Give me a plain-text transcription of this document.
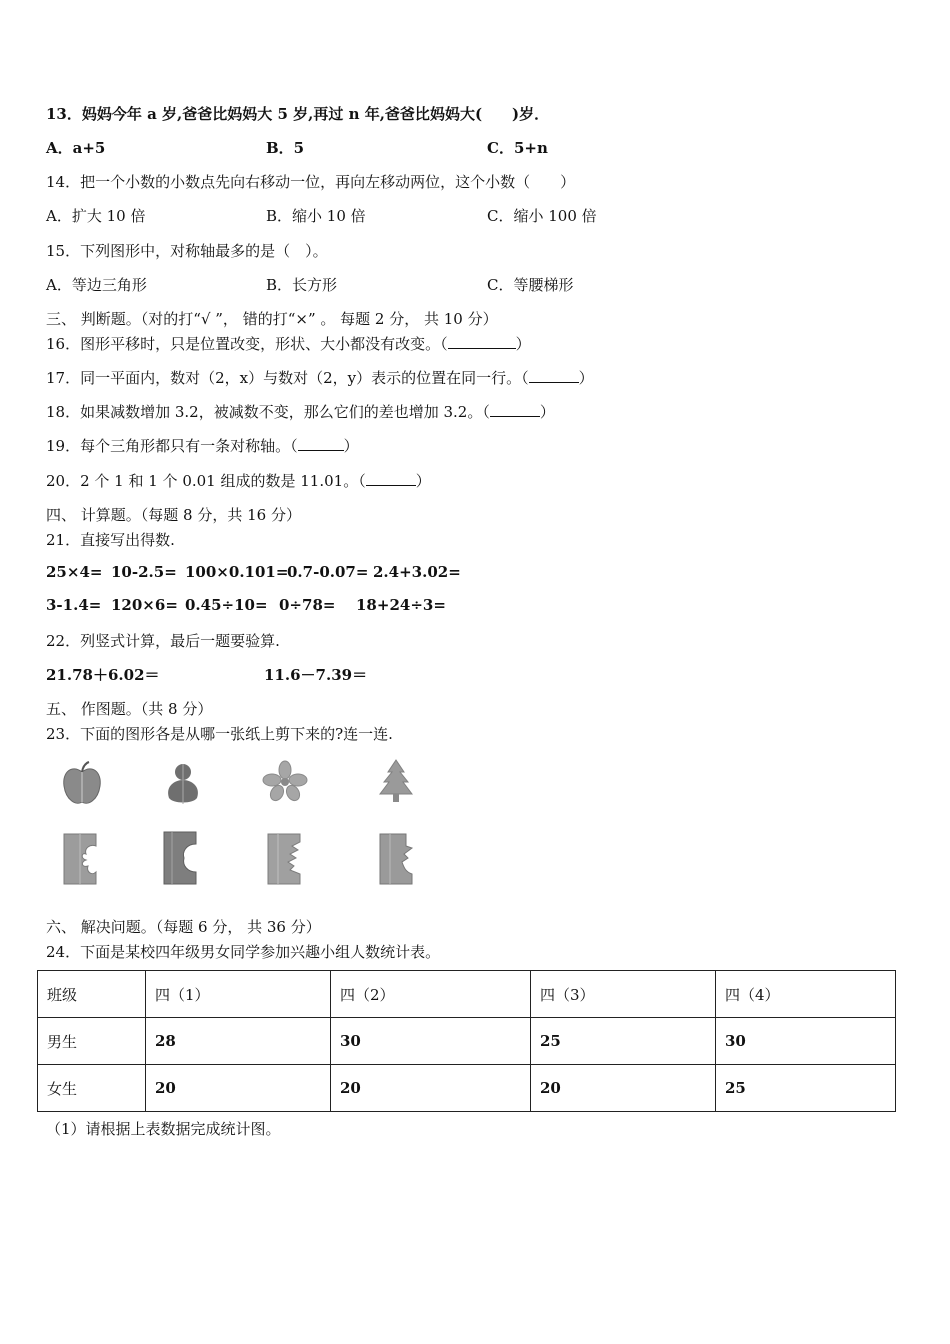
13．妈妈今年 a 岁,爸爸比妈妈大 5 岁,再过 n 年,爸爸比妈妈大(　　)岁．
A．a+5	B．5	C．5+n
14．把一个小数的小数点先向右移动一位，再向左移动两位，这个小数（　　）
A．扩大 10 倍	B．缩小 10 倍	C．缩小 100 倍
15．下列图形中，对称轴最多的是（　）。
A．等边三角形	B．长方形	C．等腰梯形
三、 判断题。（对的打“√ ”， 错的打“×” 。 每题 2 分， 共 10 分）
16．图形平移时，只是位置改变，形状、大小都没有改变。（	）
17．同一平面内，数对（2，x）与数对（2，y）表示的位置在同一行。（	）
18．如果减数增加 3.2，被减数不变，那么它们的差也增加 3.2。（	）
19．每个三角形都只有一条对称轴。（	）
20．2 个 1 和 1 个 0.01 组成的数是 11.01。（	）
四、 计算题。（每题 8 分，共 16 分）
21．直接写出得数.
25×4= 10-2.5= 100×0.101=
0.7-0.07= 2.4+3.02=
3-1.4= 120×6= 0.45÷10= 0÷78= 18+24÷3=
22．列竖式计算，最后一题要验算.
21.78＋6.02＝	11.6－7.39＝
五、 作图题。（共 8 分）
23．下面的图形各是从哪一张纸上剪下来的?连一连.
六、 解决问题。（每题 6 分， 共 36 分）
24．下面是某校四年级男女同学参加兴趣小组人数统计表。
班级	四（1）	四（2）	四（3）	四（4）
男生	28	30	25	30
女生	20	20	20	25
（1）请根据上表数据完成统计图。
